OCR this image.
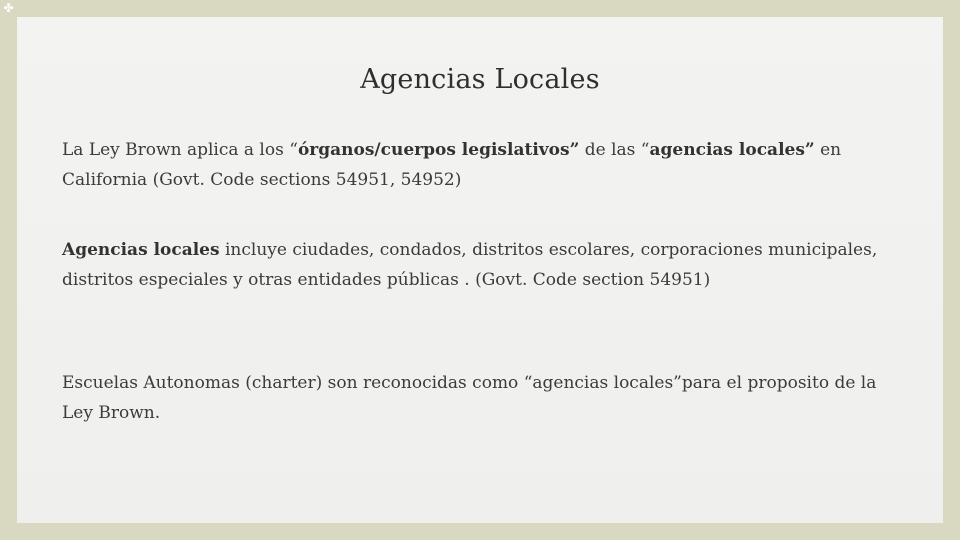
✤
Agencias Locales

La Ley Brown aplica a los “órganos/cuerpos legislativos” de las “agencias locales” en California (Govt. Code sections 54951, 54952)

Agencias locales incluye ciudades, condados, distritos escolares, corporaciones municipales, distritos especiales y otras entidades públicas . (Govt. Code section 54951)

Escuelas Autonomas (charter) son reconocidas como “agencias locales”para el proposito de la Ley Brown.
